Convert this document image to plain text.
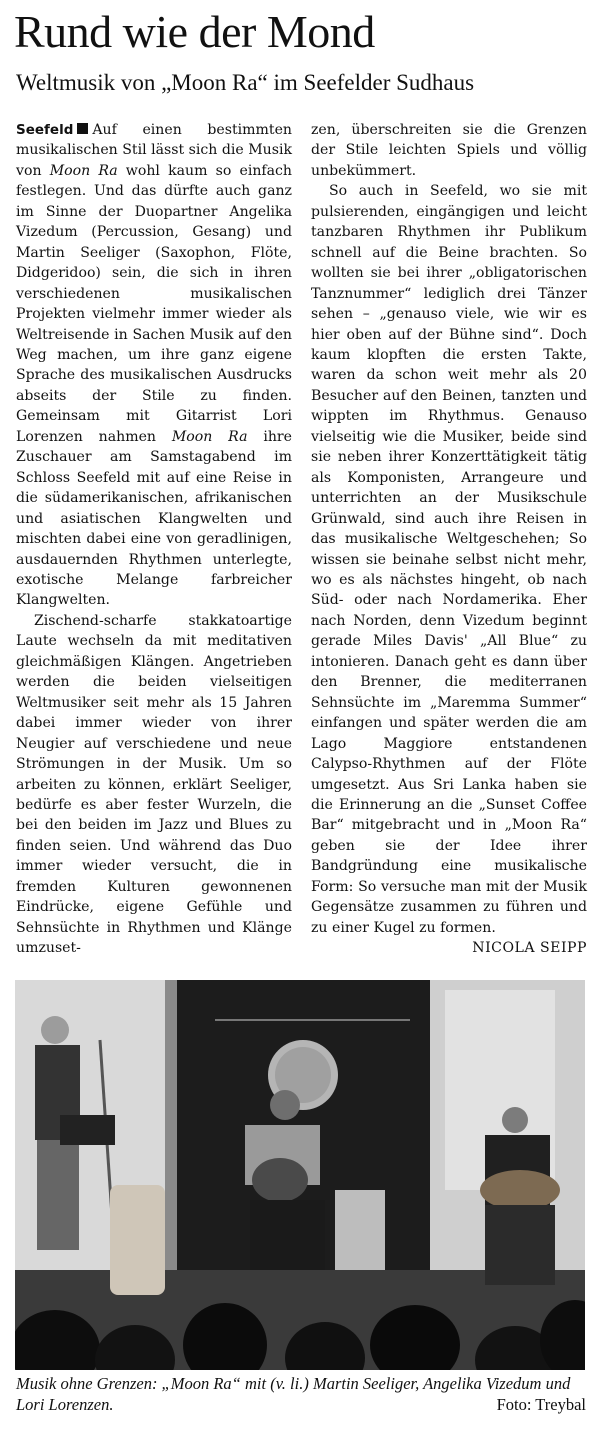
Rund wie der Mond
Weltmusik von „Moon Ra“ im Seefelder Sudhaus

Seefeld Auf einen bestimmten musikalischen Stil lässt sich die Musik von Moon Ra wohl kaum so einfach festlegen. Und das dürfte auch ganz im Sinne der Duopartner Angelika Vizedum (Percussion, Gesang) und Martin Seeliger (Saxophon, Flöte, Didgeridoo) sein, die sich in ihren verschiedenen musikalischen Projekten vielmehr immer wieder als Weltreisende in Sachen Musik auf den Weg machen, um ihre ganz eigene Sprache des musikalischen Ausdrucks abseits der Stile zu finden. Gemeinsam mit Gitarrist Lori Lorenzen nahmen Moon Ra ihre Zuschauer am Samstagabend im Schloss Seefeld mit auf eine Reise in die südamerikanischen, afrikanischen und asiatischen Klangwelten und mischten dabei eine von geradlinigen, ausdauernden Rhythmen unterlegte, exotische Melange farbreicher Klangwelten.

Zischend-scharfe stakkatoartige Laute wechseln da mit meditativen gleichmäßigen Klängen. Angetrieben werden die beiden vielseitigen Weltmusiker seit mehr als 15 Jahren dabei immer wieder von ihrer Neugier auf verschiedene und neue Strömungen in der Musik. Um so arbeiten zu können, erklärt Seeliger, bedürfe es aber fester Wurzeln, die bei den beiden im Jazz und Blues zu finden seien. Und während das Duo immer wieder versucht, die in fremden Kulturen gewonnenen Eindrücke, eigene Gefühle und Sehnsüchte in Rhythmen und Klänge umzuset-

zen, überschreiten sie die Grenzen der Stile leichten Spiels und völlig unbekümmert.

So auch in Seefeld, wo sie mit pulsierenden, eingängigen und leicht tanzbaren Rhythmen ihr Publikum schnell auf die Beine brachten. So wollten sie bei ihrer „obligatorischen Tanznummer“ lediglich drei Tänzer sehen – „genauso viele, wie wir es hier oben auf der Bühne sind“. Doch kaum klopften die ersten Takte, waren da schon weit mehr als 20 Besucher auf den Beinen, tanzten und wippten im Rhythmus. Genauso vielseitig wie die Musiker, beide sind sie neben ihrer Konzerttätigkeit tätig als Komponisten, Arrangeure und unterrichten an der Musikschule Grünwald, sind auch ihre Reisen in das musikalische Weltgeschehen; So wissen sie beinahe selbst nicht mehr, wo es als nächstes hingeht, ob nach Süd- oder nach Nordamerika. Eher nach Norden, denn Vizedum beginnt gerade Miles Davis' „All Blue“ zu intonieren. Danach geht es dann über den Brenner, die mediterranen Sehnsüchte im „Maremma Summer“ einfangen und später werden die am Lago Maggiore entstandenen Calypso-Rhythmen auf der Flöte umgesetzt. Aus Sri Lanka haben sie die Erinnerung an die „Sunset Coffee Bar“ mitgebracht und in „Moon Ra“ geben sie der Idee ihrer Bandgründung eine musikalische Form: So versuche man mit der Musik Gegensätze zusammen zu führen und zu einer Kugel zu formen.
NICOLA SEIPP

Musik ohne Grenzen: „Moon Ra“ mit (v. li.) Martin Seeliger, Angelika Vizedum und Lori Lorenzen.	Foto: Treybal
